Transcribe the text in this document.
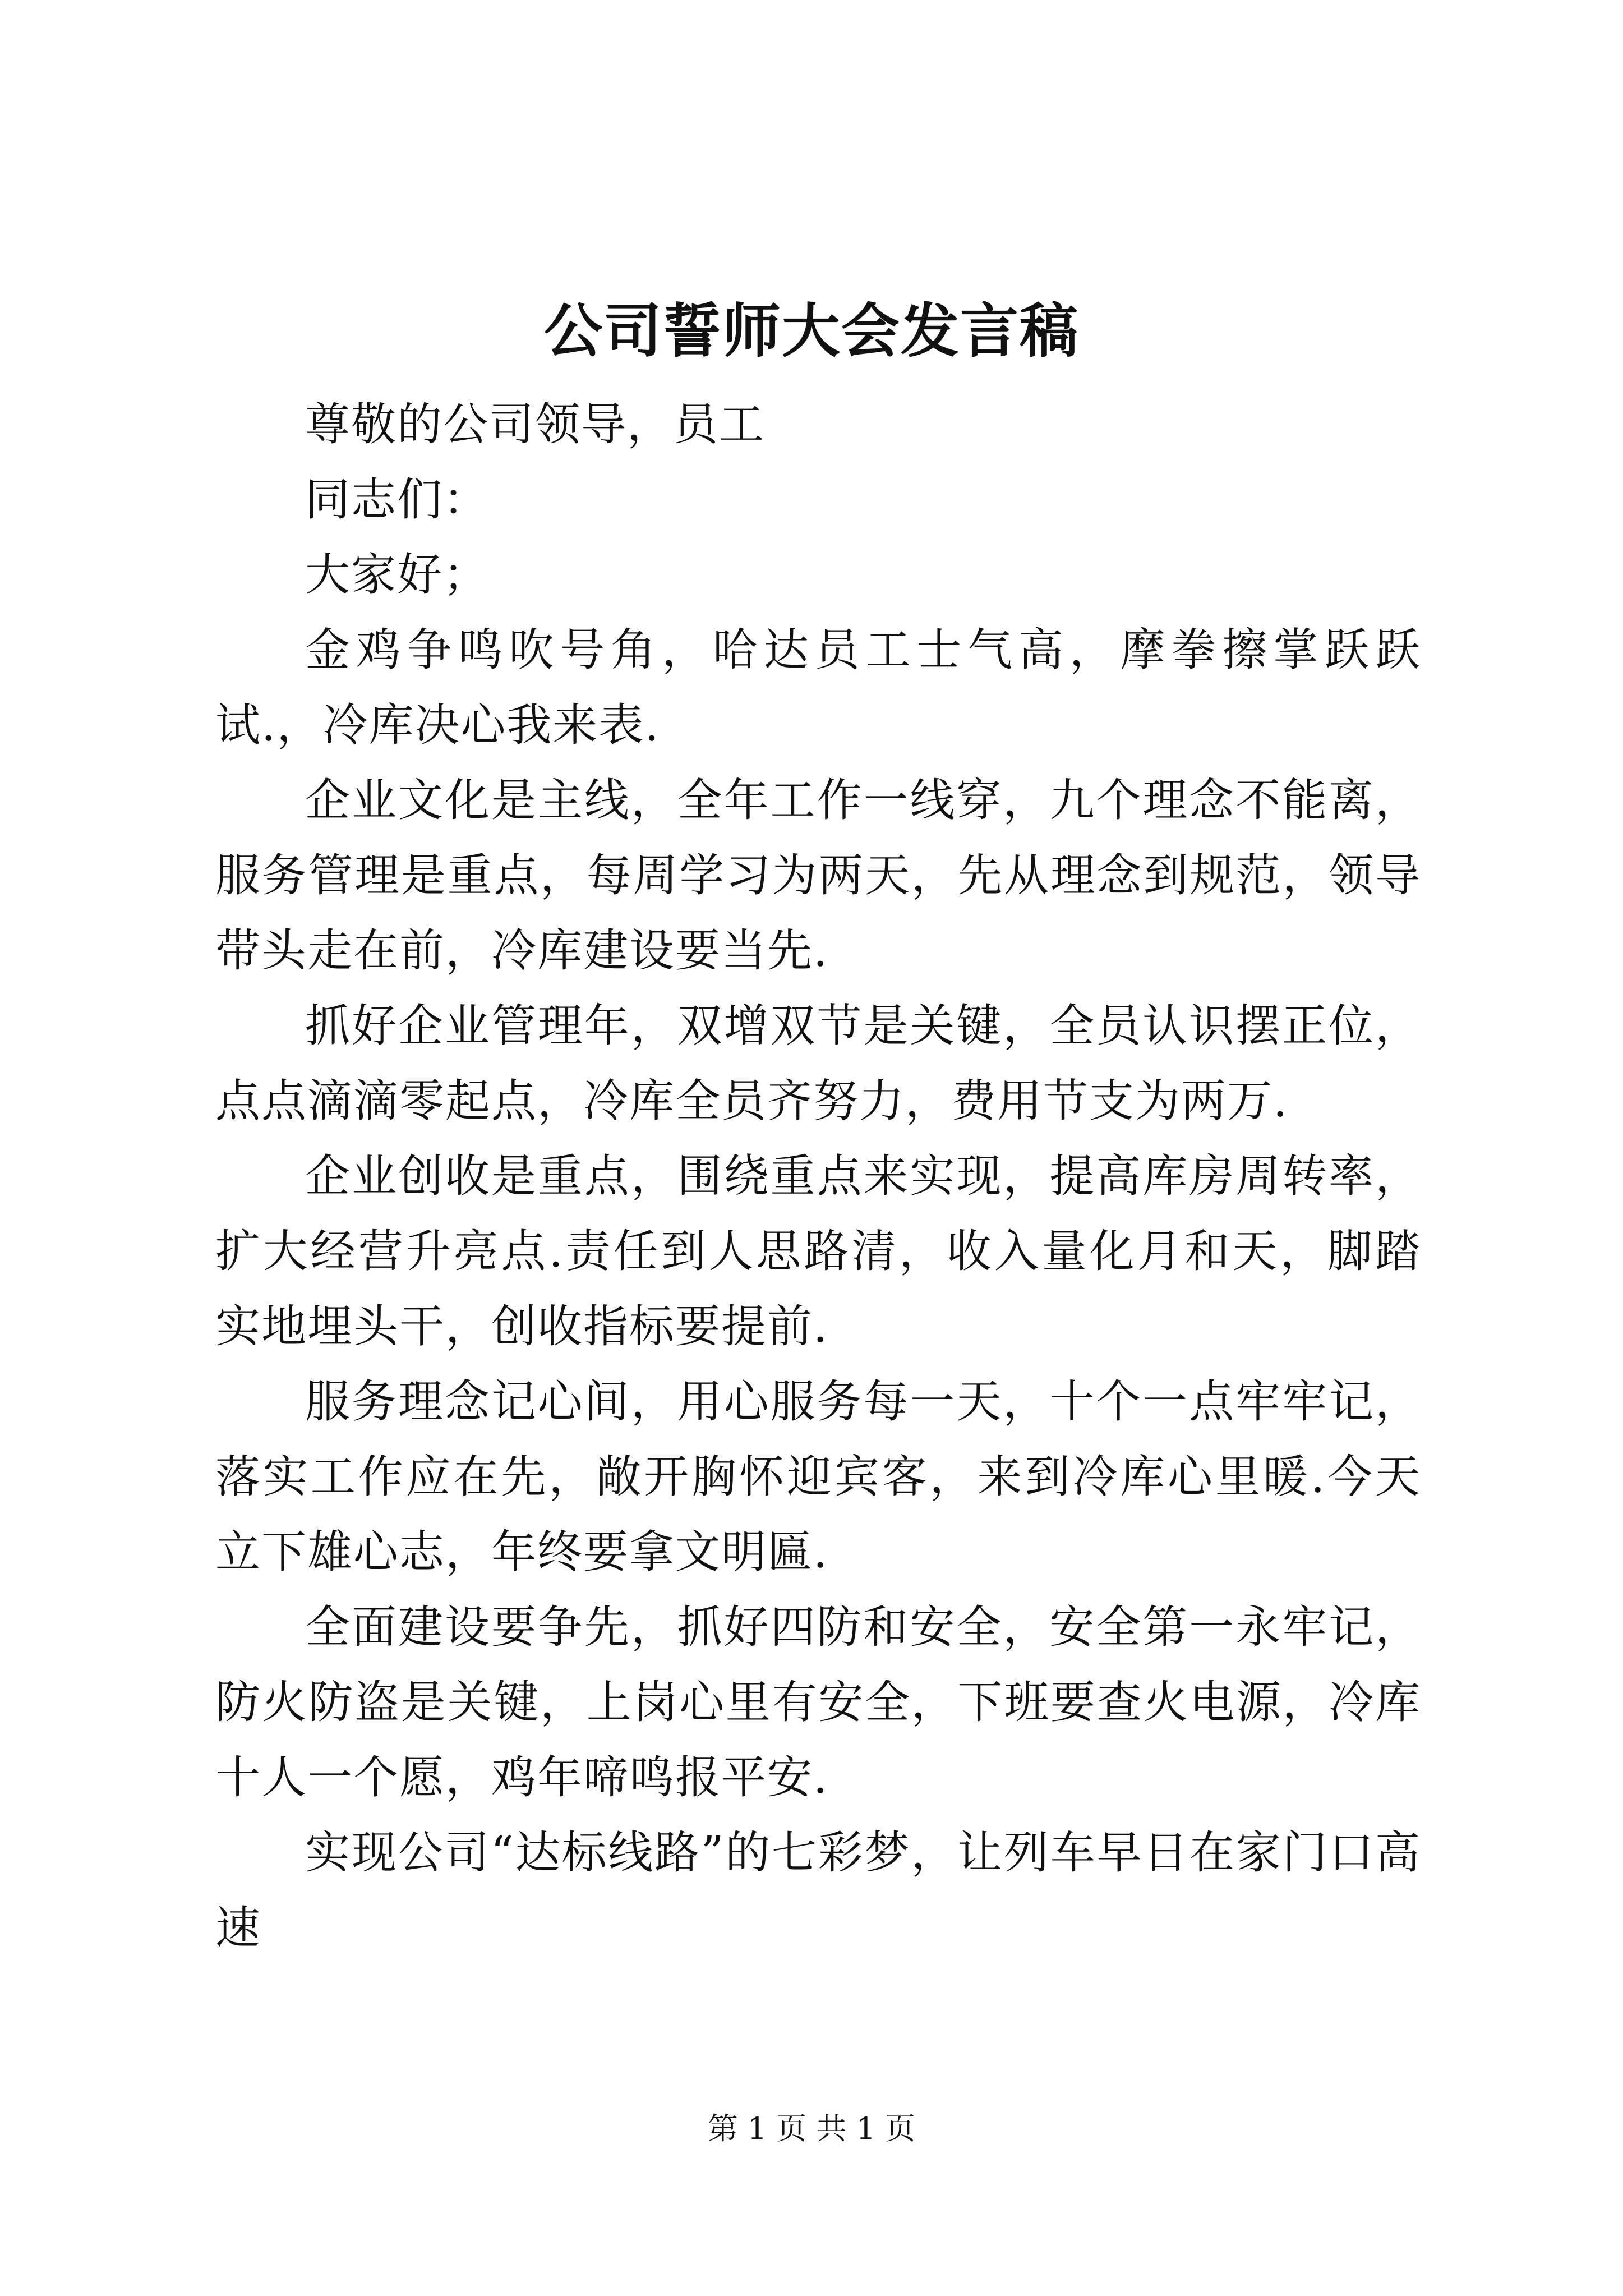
公司誓师大会发言稿

尊敬的公司领导，员工

同志们：

大家好；

金鸡争鸣吹号角，哈达员工士气高，摩拳擦掌跃跃试.，冷库决心我来表.

企业文化是主线，全年工作一线穿，九个理念不能离，服务管理是重点，每周学习为两天，先从理念到规范，领导带头走在前，冷库建设要当先.

抓好企业管理年，双增双节是关键，全员认识摆正位，点点滴滴零起点，冷库全员齐努力，费用节支为两万.

企业创收是重点，围绕重点来实现，提高库房周转率，扩大经营升亮点.责任到人思路清，收入量化月和天，脚踏实地埋头干，创收指标要提前.

服务理念记心间，用心服务每一天，十个一点牢牢记，落实工作应在先，敞开胸怀迎宾客，来到冷库心里暖.今天立下雄心志，年终要拿文明匾.

全面建设要争先，抓好四防和安全，安全第一永牢记，防火防盗是关键，上岗心里有安全，下班要查火电源，冷库十人一个愿，鸡年啼鸣报平安.

实现公司“达标线路”的七彩梦，让列车早日在家门口高速

第 1 页 共 1 页
